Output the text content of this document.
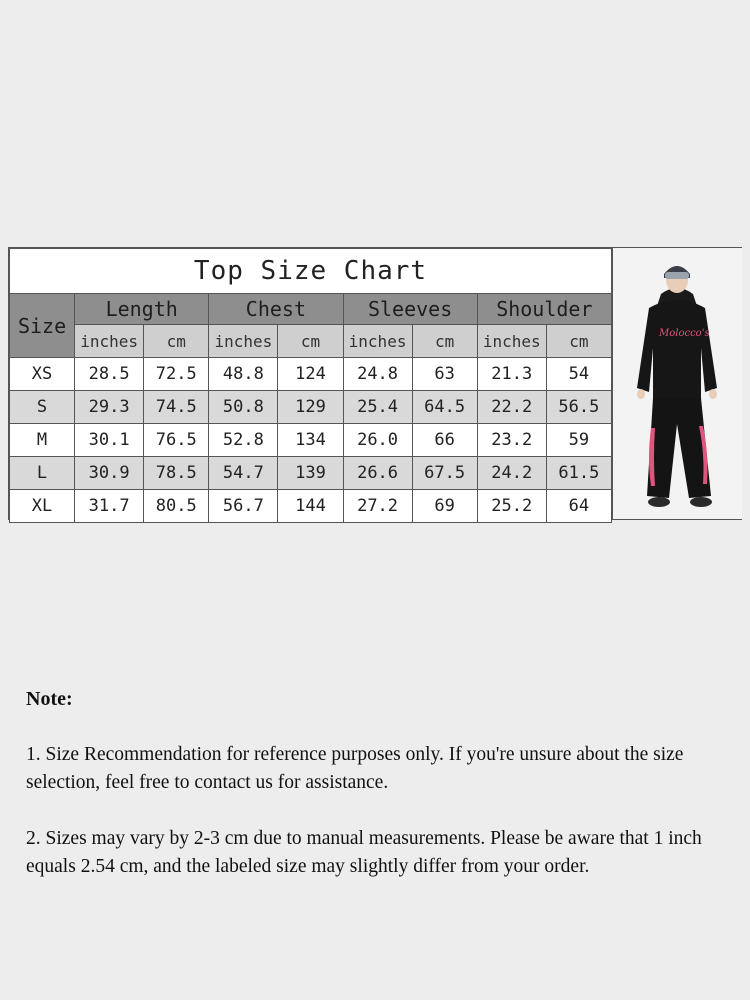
Top Size Chart								
Size	Length		Chest		Sleeves		Shoulder	
	inches	cm	inches	cm	inches	cm	inches	cm
XS	28.5	72.5	48.8	124	24.8	63	21.3	54
S	29.3	74.5	50.8	129	25.4	64.5	22.2	56.5
M	30.1	76.5	52.8	134	26.0	66	23.2	59
L	30.9	78.5	54.7	139	26.6	67.5	24.2	61.5
XL	31.7	80.5	56.7	144	27.2	69	25.2	64
Molocco's

Note:

1. Size Recommendation for reference purposes only. If you're unsure about the size selection, feel free to contact us for assistance.

2. Sizes may vary by 2-3 cm due to manual measurements. Please be aware that 1 inch equals 2.54 cm, and the labeled size may slightly differ from your order.
